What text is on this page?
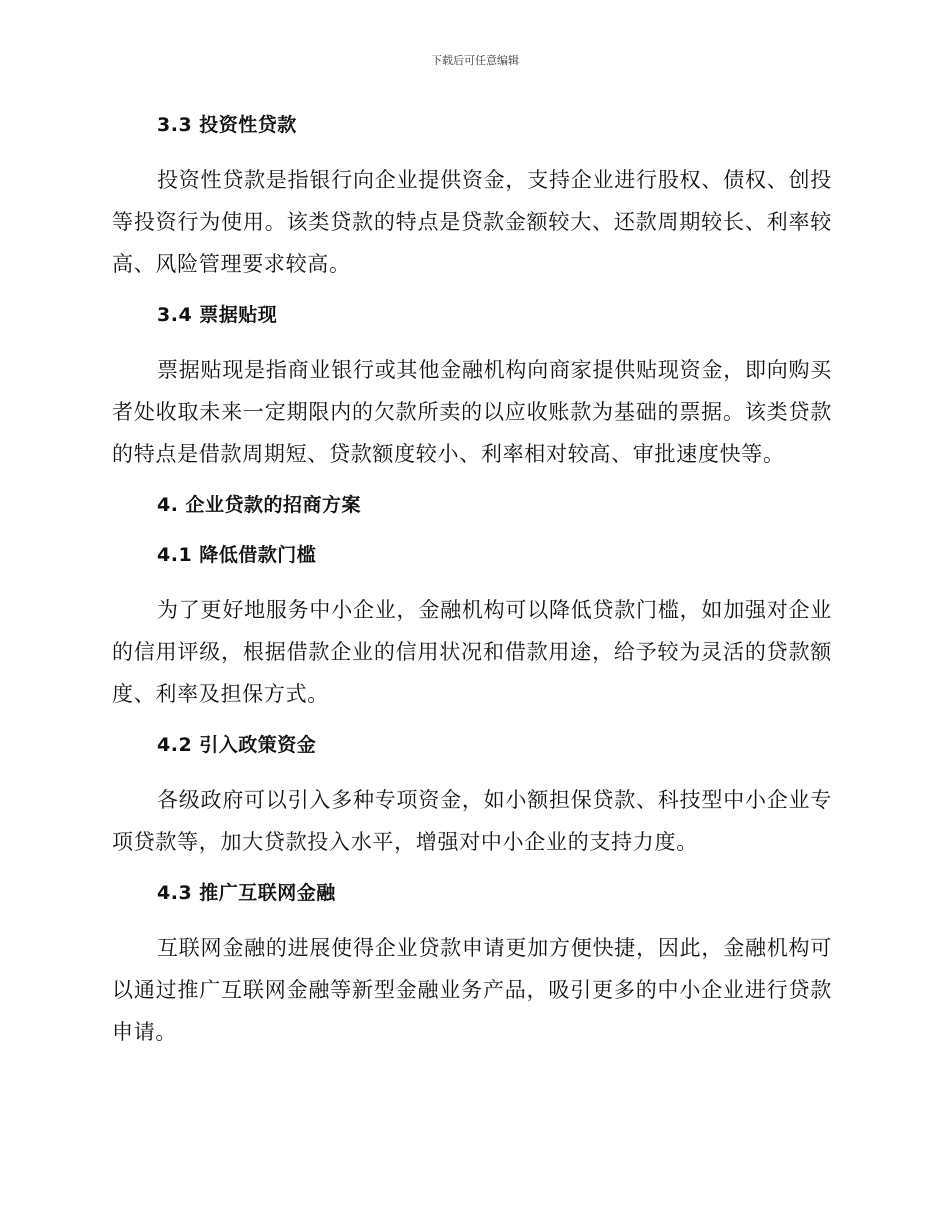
下载后可任意编辑
3.3 投资性贷款

投资性贷款是指银行向企业提供资金，支持企业进行股权、债权、创投等投资行为使用。该类贷款的特点是贷款金额较大、还款周期较长、利率较高、风险管理要求较高。

3.4 票据贴现

票据贴现是指商业银行或其他金融机构向商家提供贴现资金，即向购买者处收取未来一定期限内的欠款所卖的以应收账款为基础的票据。该类贷款的特点是借款周期短、贷款额度较小、利率相对较高、审批速度快等。

4. 企业贷款的招商方案
4.1 降低借款门槛

为了更好地服务中小企业，金融机构可以降低贷款门槛，如加强对企业的信用评级，根据借款企业的信用状况和借款用途，给予较为灵活的贷款额度、利率及担保方式。

4.2 引入政策资金

各级政府可以引入多种专项资金，如小额担保贷款、科技型中小企业专项贷款等，加大贷款投入水平，增强对中小企业的支持力度。

4.3 推广互联网金融

互联网金融的进展使得企业贷款申请更加方便快捷，因此，金融机构可以通过推广互联网金融等新型金融业务产品，吸引更多的中小企业进行贷款申请。
